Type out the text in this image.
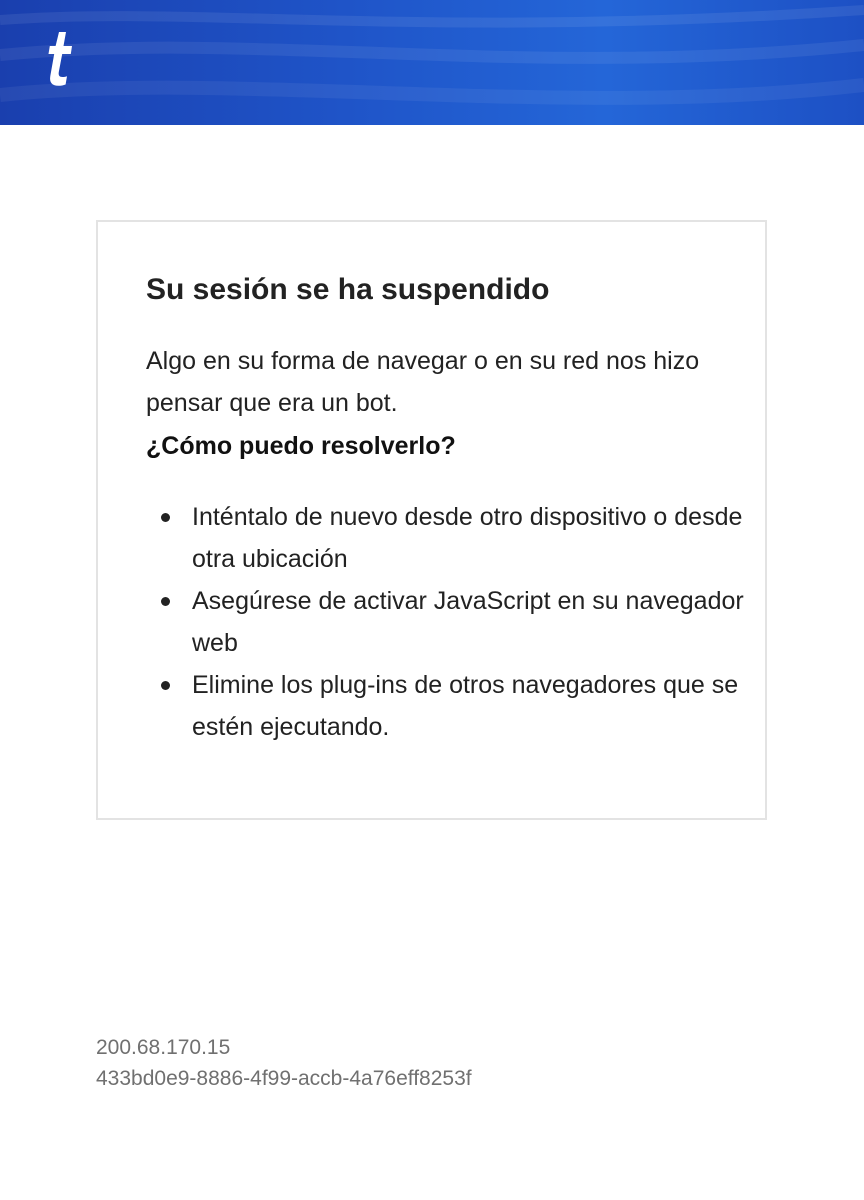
Su sesión se ha suspendido

Algo en su forma de navegar o en su red nos hizo pensar que era un bot.

¿Cómo puedo resolverlo?

Inténtalo de nuevo desde otro dispositivo o desde otra ubicación
Asegúrese de activar JavaScript en su navegador web
Elimine los plug-ins de otros navegadores que se estén ejecutando.
200.68.170.15
433bd0e9-8886-4f99-accb-4a76eff8253f
